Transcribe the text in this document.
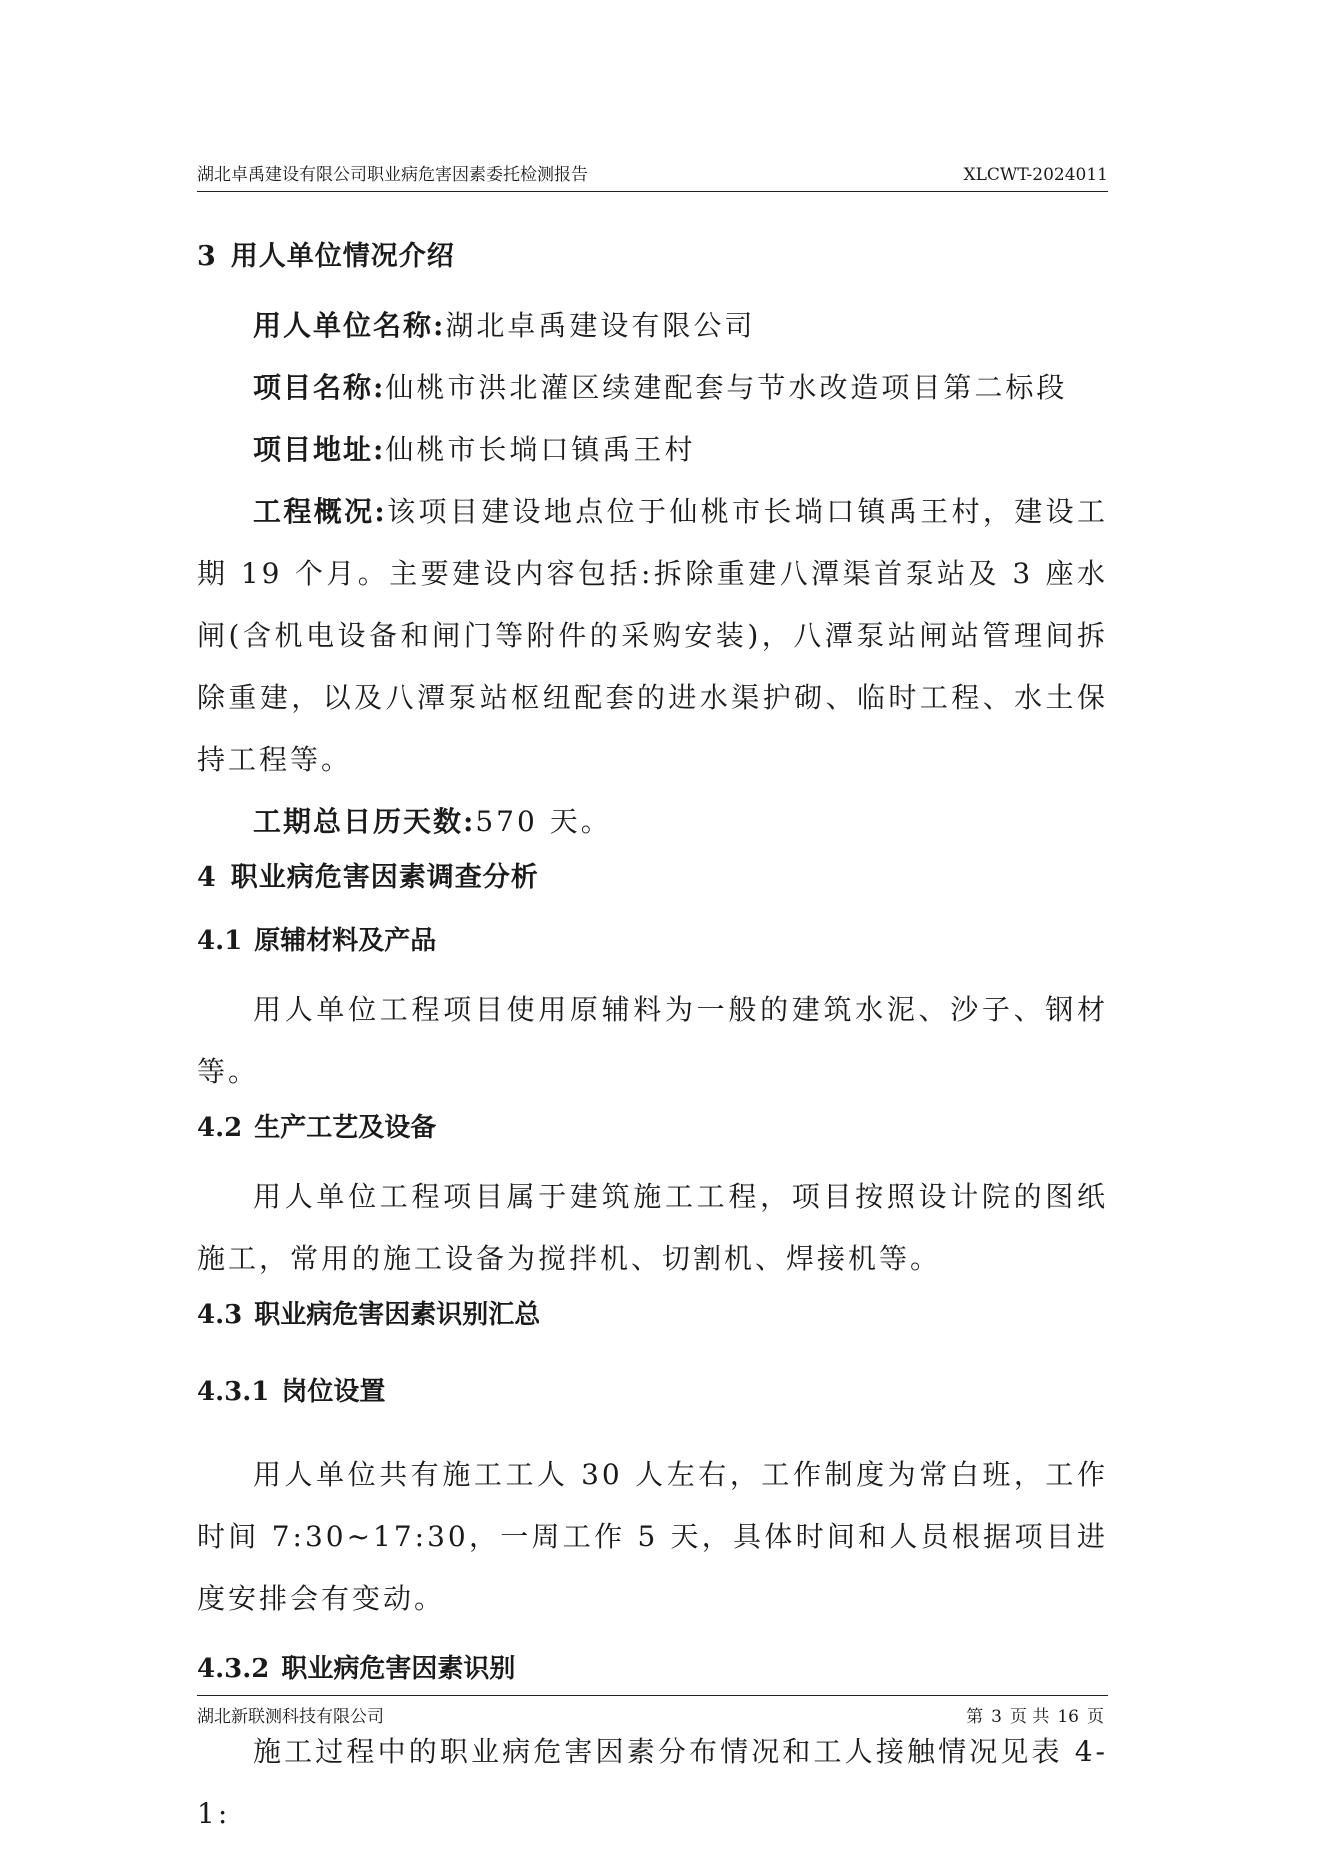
湖北卓禹建设有限公司职业病危害因素委托检测报告	XLCWT-2024011
3 用人单位情况介绍

用人单位名称:湖北卓禹建设有限公司

项目名称:仙桃市洪北灌区续建配套与节水改造项目第二标段

项目地址:仙桃市长埫口镇禹王村

工程概况:该项目建设地点位于仙桃市长埫口镇禹王村，建设工期 19 个月。主要建设内容包括:拆除重建八潭渠首泵站及 3 座水闸(含机电设备和闸门等附件的采购安装)，八潭泵站闸站管理间拆除重建，以及八潭泵站枢纽配套的进水渠护砌、临时工程、水土保持工程等。

工期总日历天数:570 天。

4 职业病危害因素调查分析
4.1 原辅材料及产品

用人单位工程项目使用原辅料为一般的建筑水泥、沙子、钢材等。

4.2 生产工艺及设备

用人单位工程项目属于建筑施工工程，项目按照设计院的图纸施工，常用的施工设备为搅拌机、切割机、焊接机等。

4.3 职业病危害因素识别汇总
4.3.1 岗位设置

用人单位共有施工工人 30 人左右，工作制度为常白班，工作时间 7:30~17:30，一周工作 5 天，具体时间和人员根据项目进度安排会有变动。

4.3.2 职业病危害因素识别

施工过程中的职业病危害因素分布情况和工人接触情况见表 4-1:

湖北新联测科技有限公司	第 3 页 共 16 页
